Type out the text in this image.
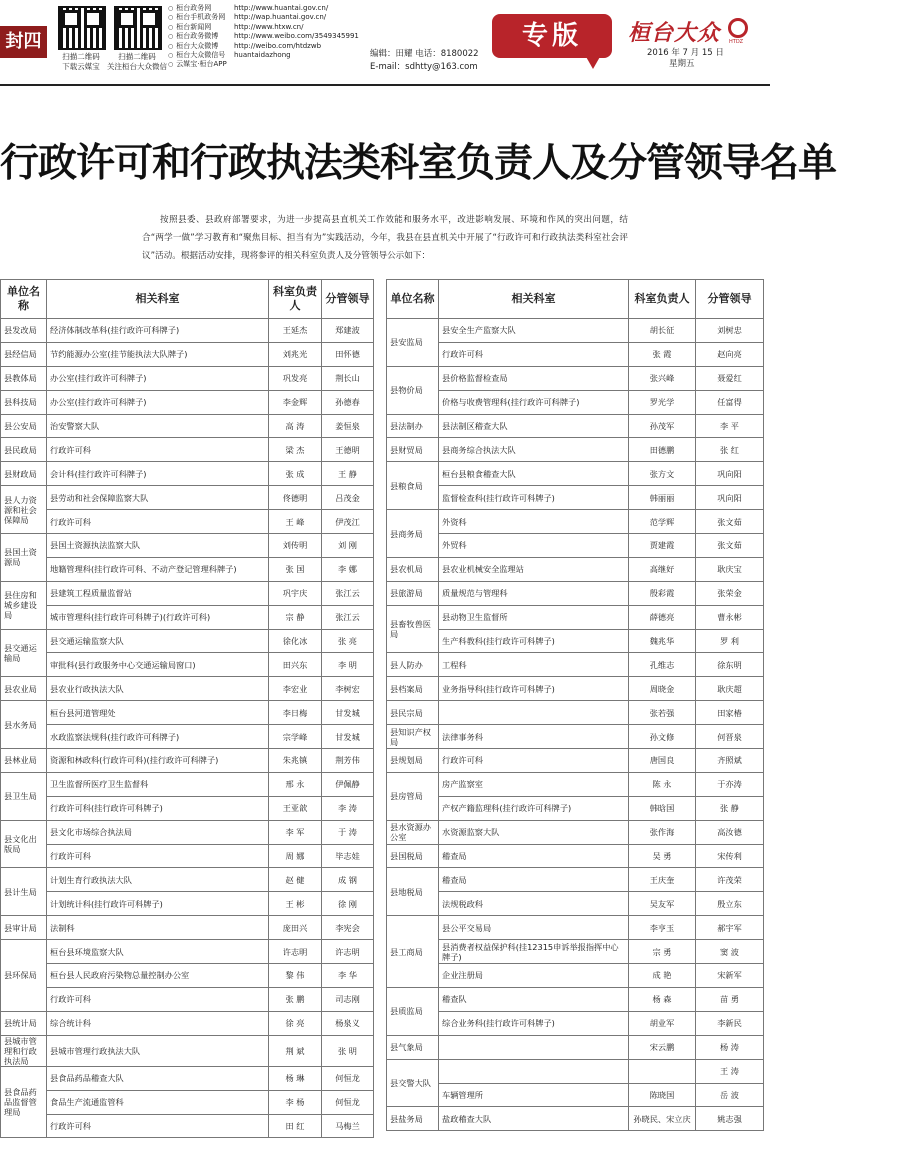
封四
扫描二维码
下载云媒宝
扫描二维码
关注桓台大众微信
○ 桓台政务网	http://www.huantai.gov.cn/
○ 桓台手机政务网	http://wap.huantai.gov.cn/
○ 桓台新闻网	http://www.htxw.cn/
○ 桓台政务微博	http://www.weibo.com/3549345991
○ 桓台大众微博	http://weibo.com/htdzwb
○ 桓台大众微信号	huantaidazhong
○ 云媒宝·桓台APP
编辑：田耀 电话：8180022
E-mail：sdhtty@163.com
专版	桓台大众 HTDZ
2016 年 7 月 15 日
星期五
行政许可和行政执法类科室负责人及分管领导名单
按照县委、县政府部署要求，为进一步提高县直机关工作效能和服务水平，改进影响发展、环境和作风的突出问题，结合“两学一做”学习教育和“聚焦目标、担当有为”实践活动，今年，我县在县直机关中开展了“行政许可和行政执法类科室社会评议”活动。根据活动安排，现将参评的相关科室负责人及分管领导公示如下：
单位名称	相关科室	科室负责人	分管领导
县发改局	经济体制改革科(挂行政许可科牌子)	王延杰	郑建波
县经信局	节约能源办公室(挂节能执法大队牌子)	刘兆光	田怀德
县教体局	办公室(挂行政许可科牌子)	巩发亮	荆长山
县科技局	办公室(挂行政许可科牌子)	李金辉	孙德春
县公安局	治安警察大队	高 涛	姜恒泉
县民政局	行政许可科	梁 杰	王德明
县财政局	会计科(挂行政许可科牌子)	张 成	王 静
县人力资源和社会保障局	县劳动和社会保障监察大队	佟德明	吕茂金
	行政许可科	王 峰	伊茂江
县国土资源局	县国土资源执法监察大队	刘传明	刘 刚
	地籍管理科(挂行政许可科、不动产登记管理科牌子)	张 国	李 娜
县住房和城乡建设局	县建筑工程质量监督站	巩宇庆	张江云
	城市管理科(挂行政许可科牌子)(行政许可科)	宗 静	张江云
县交通运输局	县交通运输监察大队	徐化冰	张 亮
	审批科(县行政服务中心交通运输局窗口)	田兴东	李 明
县农业局	县农业行政执法大队	李宏业	李树宏
县水务局	桓台县河道管理处	李日梅	甘发城
	水政监察法规科(挂行政许可科牌子)	宗学峰	甘发城
县林业局	资源和林政科(行政许可科)(挂行政许可科牌子)	朱兆镇	荆芳伟
县卫生局	卫生监督所医疗卫生监督科	邢 永	伊佩静
	行政许可科(挂行政许可科牌子)	王亚歆	李 涛
县文化出版局	县文化市场综合执法局	李 军	于 涛
	行政许可科	周 娜	毕志娃
县计生局	计划生育行政执法大队	赵 健	成 钢
	计划统计科(挂行政许可科牌子)	王 彬	徐 刚
县审计局	法制科	庞田兴	李宪会
县环保局	桓台县环境监察大队	许志明	许志明
	桓台县人民政府污染物总量控制办公室	黎 伟	李 华
	行政许可科	张 鹏	司志刚
县统计局	综合统计科	徐 亮	杨泉义
县城市管理和行政执法局	县城市管理行政执法大队	荆 斌	张 明
县食品药品监督管理局	县食品药品稽查大队	杨 琳	何恒龙
	食品生产流通监管科	李 杨	何恒龙
	行政许可科	田 红	马梅兰
单位名称	相关科室	科室负责人	分管领导
县安监局	县安全生产监察大队	胡长征	刘树忠
	行政许可科	张 霞	赵向亮
县物价局	县价格监督检查局	张兴峰	聂爱红
	价格与收费管理科(挂行政许可科牌子)	罗光学	任富得
县法制办	县法制区稽查大队	孙茂军	李 平
县财贸局	县商务综合执法大队	田德鹏	张 红
县粮食局	桓台县粮食稽查大队	张方文	巩向阳
	监督检查科(挂行政许可科牌子)	韩丽丽	巩向阳
县商务局	外资科	范学辉	张文茹
	外贸科	贾建霞	张文茹
县农机局	县农业机械安全监理站	高继好	耿庆宝
县旅游局	质量规范与管理科	殷彩霞	张荣金
县畜牧兽医局	县动物卫生监督所	薛德亮	曹永彬
	生产科教科(挂行政许可科牌子)	魏兆华	罗 利
县人防办	工程科	孔维志	徐东明
县档案局	业务指导科(挂行政许可科牌子)	周晓金	耿庆超
县民宗局		张若强	田家椿
县知识产权局	法律事务科	孙文修	何晋泉
县规划局	行政许可科	唐国良	齐照斌
县房管局	房产监察室	陈 永	于亦涛
	产权产籍监理科(挂行政许可科牌子)	韩晗国	张 静
县水资源办公室	水资源监察大队	张作海	高汝德
县国税局	稽查局	吴 勇	宋传利
县地税局	稽查局	王庆奎	许茂荣
	法规税政科	吴友军	殷立东
县工商局	县公平交易局	李亨玉	郝宇军
	县消费者权益保护科(挂12315申诉举报指挥中心牌子)	宗 勇	窦 波
	企业注册局	成 艳	宋新军
县质监局	稽查队	杨 森	苗 勇
	综合业务科(挂行政许可科牌子)	胡业军	李新民
县气象局		宋云鹏	杨 涛
县交警大队			王 涛
	车辆管理所	陈晓国	岳 波
县盐务局	盐政稽查大队	孙晓民、宋立庆	姚志强
